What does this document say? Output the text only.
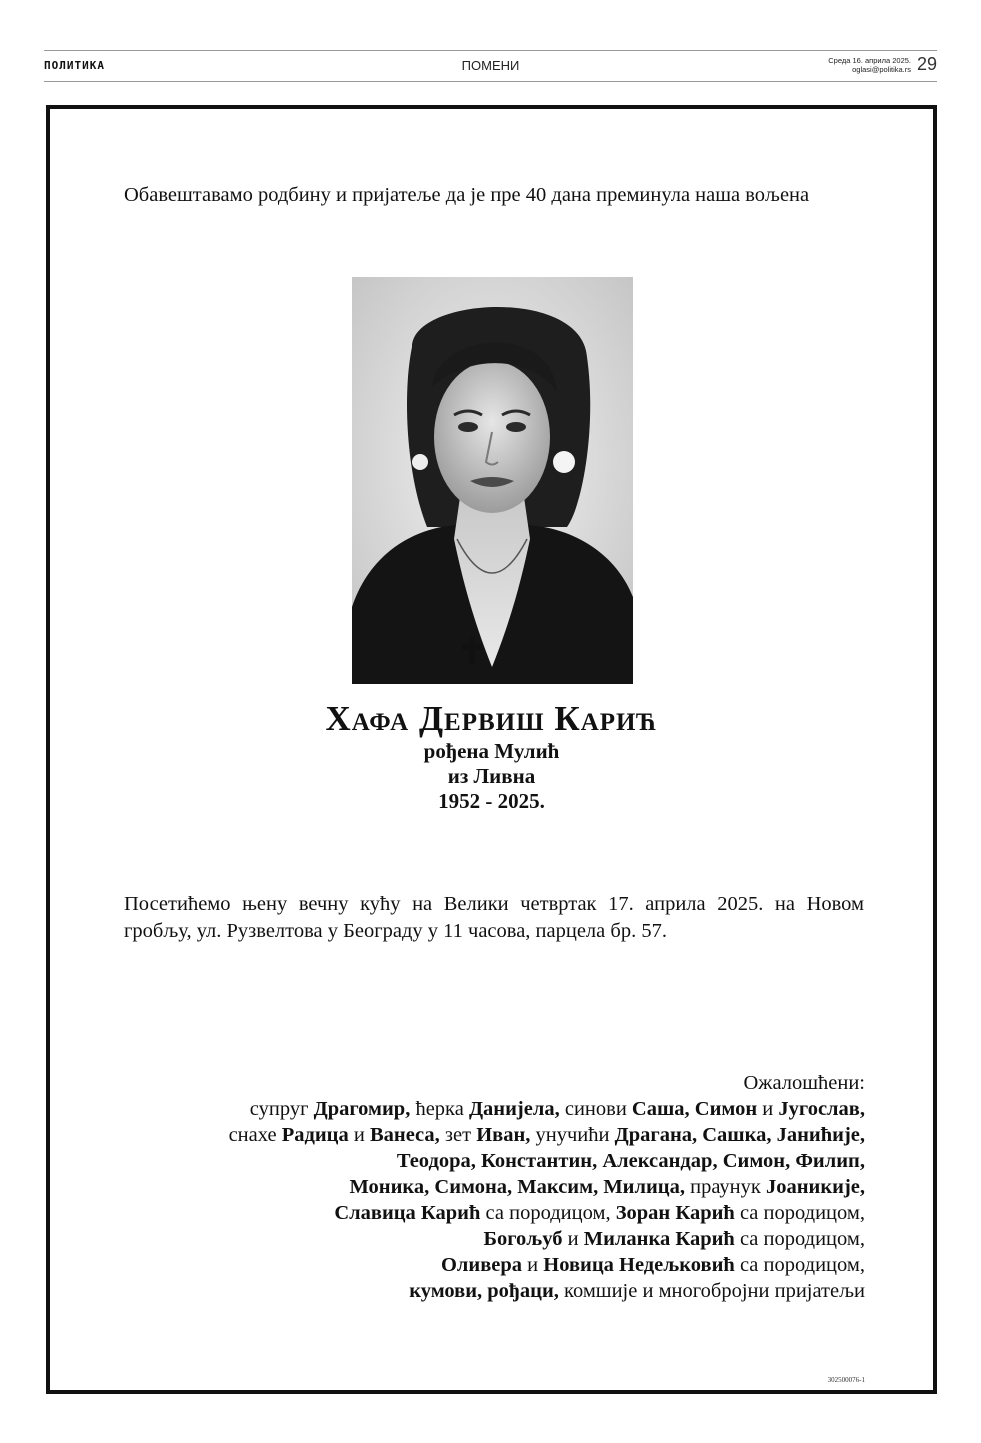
ПОЛИТИКА	ПОМЕНИ	Среда 16. априла 2025.
oglasi@politika.rs 29
Обавештавамо родбину и пријатеље да је пре 40 дана преминула наша вољена
Хафа Дервиш Карић
рођена Мулић
из Ливна
1952 - 2025.
Посетићемо њену вечну кућу на Велики четвртак 17. априла 2025. на Новом гробљу, ул. Рузвелтова у Београду у 11 часова, парцела бр. 57.
Ожалошћени:
супруг Драгомир, ћерка Данијела, синови Саша, Симон и Југослав,
снахе Радица и Ванеса, зет Иван, унучићи Драгана, Сашка, Јанићије,
Теодора, Константин, Александар, Симон, Филип,
Моника, Симона, Максим, Милица, праунук Јоаникије,
Славица Карић са породицом, Зоран Карић са породицом,
Богољуб и Миланка Карић са породицом,
Оливера и Новица Недељковић са породицом,
кумови, рођаци, комшије и многобројни пријатељи
302500076-1
